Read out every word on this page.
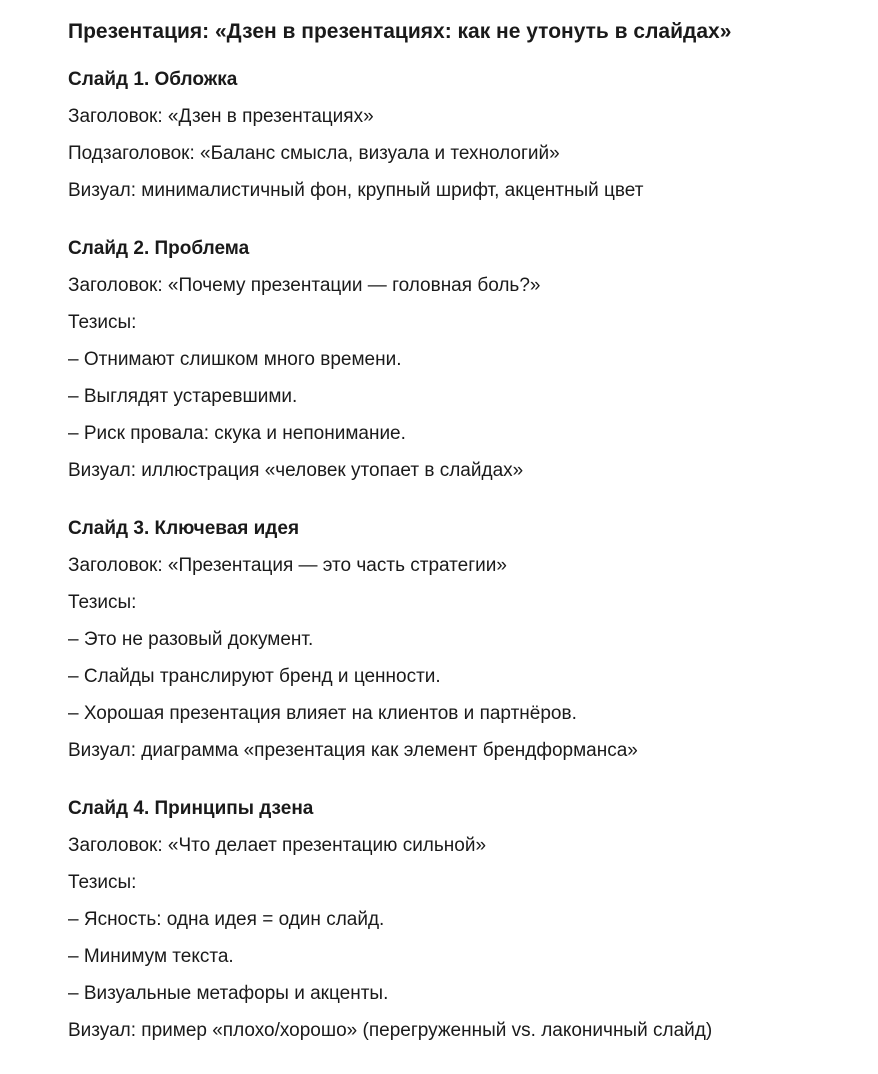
Презентация: «Дзен в презентациях: как не утонуть в слайдах»
Слайд 1. Обложка

Заголовок: «Дзен в презентациях»

Подзаголовок: «Баланс смысла, визуала и технологий»

Визуал: минималистичный фон, крупный шрифт, акцентный цвет

Слайд 2. Проблема

Заголовок: «Почему презентации — головная боль?»

Тезисы:

– Отнимают слишком много времени.

– Выглядят устаревшими.

– Риск провала: скука и непонимание.

Визуал: иллюстрация «человек утопает в слайдах»

Слайд 3. Ключевая идея

Заголовок: «Презентация — это часть стратегии»

Тезисы:

– Это не разовый документ.

– Слайды транслируют бренд и ценности.

– Хорошая презентация влияет на клиентов и партнёров.

Визуал: диаграмма «презентация как элемент брендформанса»

Слайд 4. Принципы дзена

Заголовок: «Что делает презентацию сильной»

Тезисы:

– Ясность: одна идея = один слайд.

– Минимум текста.

– Визуальные метафоры и акценты.

Визуал: пример «плохо/хорошо» (перегруженный vs. лаконичный слайд)
